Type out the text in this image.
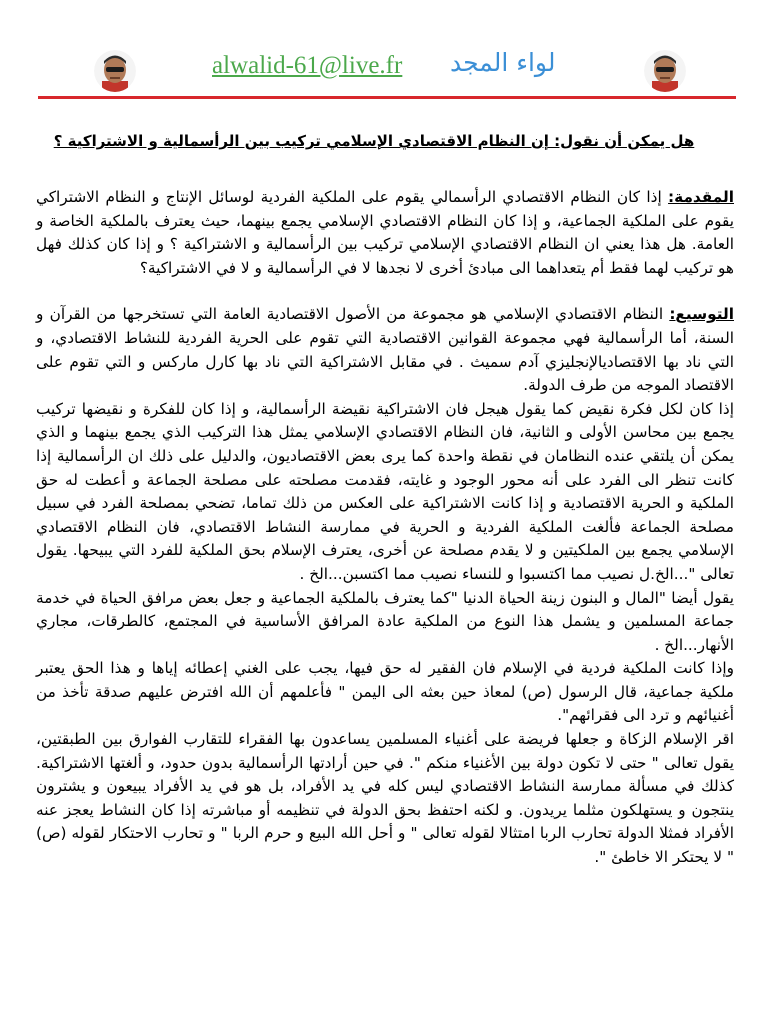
alwalid-61@live.fr لواء المجد
هل يمكن أن نقول: إن النظام الاقتصادي الإسلامي تركيب بين الرأسمالية و الاشتراكية ؟

المقدمة: إذا كان النظام الاقتصادي الرأسمالي يقوم على الملكية الفردية لوسائل الإنتاج و النظام الاشتراكي يقوم على الملكية الجماعية، و إذا كان النظام الاقتصادي الإسلامي يجمع بينهما، حيث يعترف بالملكية الخاصة و العامة. هل هذا يعني ان النظام الاقتصادي الإسلامي تركيب بين الرأسمالية و الاشتراكية ؟ و إذا كان كذلك فهل هو تركيب لهما فقط أم يتعداهما الى مبادئ أخرى لا نجدها لا في الرأسمالية و لا في الاشتراكية؟

التوسيع: النظام الاقتصادي الإسلامي هو مجموعة من الأصول الاقتصادية العامة التي تستخرجها من القرآن و السنة، أما الرأسمالية فهي مجموعة القوانين الاقتصادية التي تقوم على الحرية الفردية للنشاط الاقتصادي، و التي ناد بها الاقتصاديالإنجليزي آدم سميث . في مقابل الاشتراكية التي ناد بها كارل ماركس و التي تقوم على الاقتصاد الموجه من طرف الدولة.

إذا كان لكل فكرة نقيض كما يقول هيجل فان الاشتراكية نقيضة الرأسمالية، و إذا كان للفكرة و نقيضها تركيب يجمع بين محاسن الأولى و الثانية، فان النظام الاقتصادي الإسلامي يمثل هذا التركيب الذي يجمع بينهما و الذي يمكن أن يلتقي عنده النظامان في نقطة واحدة كما يرى بعض الاقتصاديون، والدليل على ذلك ان الرأسمالية إذا كانت تنظر الى الفرد على أنه محور الوجود و غايته، فقدمت مصلحته على مصلحة الجماعة و أعطت له حق الملكية و الحرية الاقتصادية و إذا كانت الاشتراكية على العكس من ذلك تماما، تضحي بمصلحة الفرد في سبيل مصلحة الجماعة فألغت الملكية الفردية و الحرية في ممارسة النشاط الاقتصادي، فان النظام الاقتصادي الإسلامي يجمع بين الملكيتين و لا يقدم مصلحة عن أخرى، يعترف الإسلام بحق الملكية للفرد التي يبيحها. يقول تعالى "...الخ.ل نصيب مما اكتسبوا و للنساء نصيب مما اكتسبن...الخ .

يقول أيضا "المال و البنون زينة الحياة الدنيا "كما يعترف بالملكية الجماعية و جعل بعض مرافق الحياة في خدمة جماعة المسلمين و يشمل هذا النوع من الملكية عادة المرافق الأساسية في المجتمع، كالطرقات، مجاري الأنهار...الخ .

وإذا كانت الملكية فردية في الإسلام فان الفقير له حق فيها، يجب على الغني إعطائه إياها و هذا الحق يعتبر ملكية جماعية، قال الرسول (ص) لمعاذ حين بعثه الى اليمن " فأعلمهم أن الله افترض عليهم صدقة تأخذ من أغنيائهم و ترد الى فقرائهم".

اقر الإسلام الزكاة و جعلها فريضة على أغنياء المسلمين يساعدون بها الفقراء للتقارب الفوارق بين الطبقتين، يقول تعالى " حتى لا تكون دولة بين الأغنياء منكم ". في حين أرادتها الرأسمالية بدون حدود، و ألغتها الاشتراكية. كذلك في مسألة ممارسة النشاط الاقتصادي ليس كله في يد الأفراد، بل هو في يد الأفراد يبيعون و يشترون ينتجون و يستهلكون مثلما يريدون. و لكنه احتفظ بحق الدولة في تنظيمه أو مباشرته إذا كان النشاط يعجز عنه الأفراد فمثلا الدولة تحارب الربا امتثالا لقوله تعالى " و أحل الله البيع و حرم الربا " و تحارب الاحتكار لقوله (ص) " لا يحتكر الا خاطئ ".
